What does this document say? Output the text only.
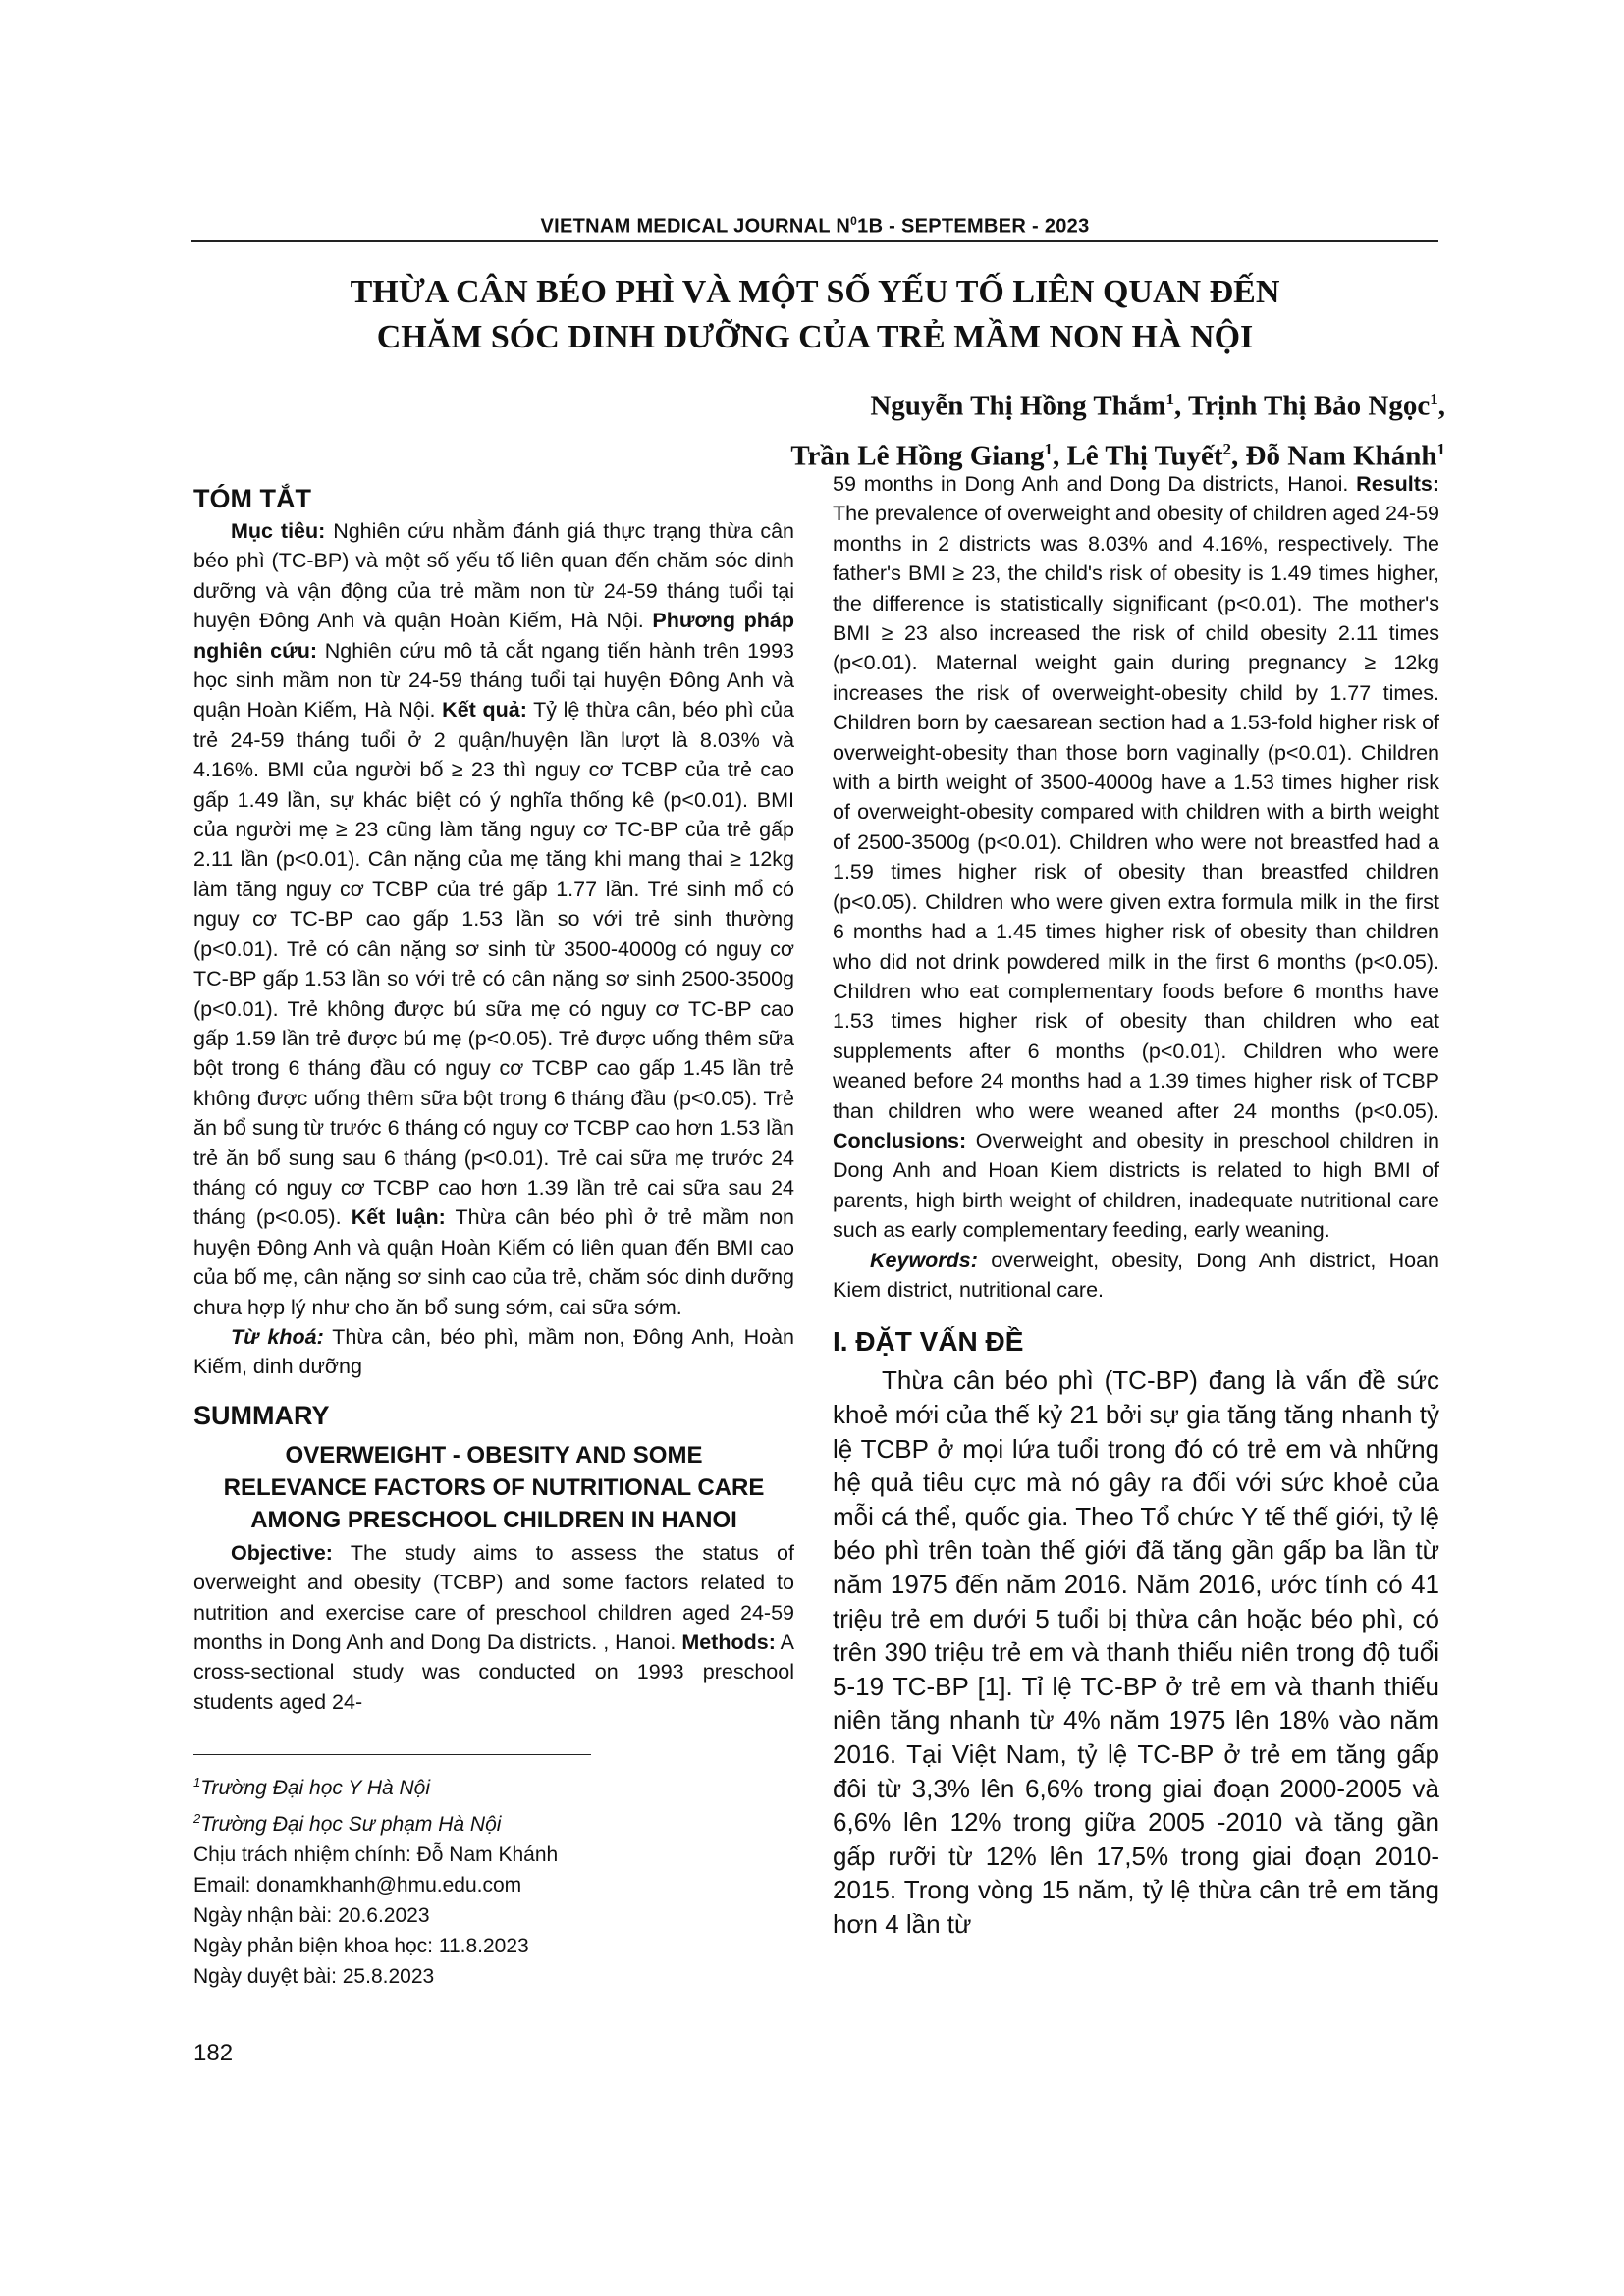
VIETNAM MEDICAL JOURNAL $N^01B$ - SEPTEMBER - 2023
THỪA CÂN BÉO PHÌ VÀ MỘT SỐ YẾU TỐ LIÊN QUAN ĐẾN
CHĂM SÓC DINH DƯỠNG CỦA TRẺ MẦM NON HÀ NỘI
Nguyễn Thị Hồng Thắm$^1$, Trịnh Thị Bảo Ngọc$^1$,
Trần Lê Hồng Giang$^1$, Lê Thị Tuyết$^2$, Đỗ Nam Khánh$^1$
TÓM TẮT

Mục tiêu: Nghiên cứu nhằm đánh giá thực trạng thừa cân béo phì (TC-BP) và một số yếu tố liên quan đến chăm sóc dinh dưỡng và vận động của trẻ mầm non từ 24-59 tháng tuổi tại huyện Đông Anh và quận Hoàn Kiếm, Hà Nội. Phương pháp nghiên cứu: Nghiên cứu mô tả cắt ngang tiến hành trên 1993 học sinh mầm non từ 24-59 tháng tuổi tại huyện Đông Anh và quận Hoàn Kiếm, Hà Nội. Kết quả: Tỷ lệ thừa cân, béo phì của trẻ 24-59 tháng tuổi ở 2 quận/huyện lần lượt là 8.03% và 4.16%. BMI của người bố ≥ 23 thì nguy cơ TCBP của trẻ cao gấp 1.49 lần, sự khác biệt có ý nghĩa thống kê (p<0.01). BMI của người mẹ ≥ 23 cũng làm tăng nguy cơ TC-BP của trẻ gấp 2.11 lần (p<0.01). Cân nặng của mẹ tăng khi mang thai ≥ 12kg làm tăng nguy cơ TCBP của trẻ gấp 1.77 lần. Trẻ sinh mổ có nguy cơ TC-BP cao gấp 1.53 lần so với trẻ sinh thường (p<0.01). Trẻ có cân nặng sơ sinh từ 3500-4000g có nguy cơ TC-BP gấp 1.53 lần so với trẻ có cân nặng sơ sinh 2500-3500g (p<0.01). Trẻ không được bú sữa mẹ có nguy cơ TC-BP cao gấp 1.59 lần trẻ được bú mẹ (p<0.05). Trẻ được uống thêm sữa bột trong 6 tháng đầu có nguy cơ TCBP cao gấp 1.45 lần trẻ không được uống thêm sữa bột trong 6 tháng đầu (p<0.05). Trẻ ăn bổ sung từ trước 6 tháng có nguy cơ TCBP cao hơn 1.53 lần trẻ ăn bổ sung sau 6 tháng (p<0.01). Trẻ cai sữa mẹ trước 24 tháng có nguy cơ TCBP cao hơn 1.39 lần trẻ cai sữa sau 24 tháng (p<0.05). Kết luận: Thừa cân béo phì ở trẻ mầm non huyện Đông Anh và quận Hoàn Kiếm có liên quan đến BMI cao của bố mẹ, cân nặng sơ sinh cao của trẻ, chăm sóc dinh dưỡng chưa hợp lý như cho ăn bổ sung sớm, cai sữa sớm.

Từ khoá: Thừa cân, béo phì, mầm non, Đông Anh, Hoàn Kiếm, dinh dưỡng

SUMMARY
OVERWEIGHT - OBESITY AND SOME
RELEVANCE FACTORS OF NUTRITIONAL CARE
AMONG PRESCHOOL CHILDREN IN HANOI

Objective: The study aims to assess the status of overweight and obesity (TCBP) and some factors related to nutrition and exercise care of preschool children aged 24-59 months in Dong Anh and Dong Da districts. , Hanoi. Methods: A cross-sectional study was conducted on 1993 preschool students aged 24-

$^1$Trường Đại học Y Hà Nội
$^2$Trường Đại học Sư phạm Hà Nội
Chịu trách nhiệm chính: Đỗ Nam Khánh
Email: donamkhanh@hmu.edu.com
Ngày nhận bài: 20.6.2023
Ngày phản biện khoa học: 11.8.2023
Ngày duyệt bài: 25.8.2023
182

59 months in Dong Anh and Dong Da districts, Hanoi. Results: The prevalence of overweight and obesity of children aged 24-59 months in 2 districts was 8.03% and 4.16%, respectively. The father's BMI ≥ 23, the child's risk of obesity is 1.49 times higher, the difference is statistically significant (p<0.01). The mother's BMI ≥ 23 also increased the risk of child obesity 2.11 times (p<0.01). Maternal weight gain during pregnancy ≥ 12kg increases the risk of overweight-obesity child by 1.77 times. Children born by caesarean section had a 1.53-fold higher risk of overweight-obesity than those born vaginally (p<0.01). Children with a birth weight of 3500-4000g have a 1.53 times higher risk of overweight-obesity compared with children with a birth weight of 2500-3500g (p<0.01). Children who were not breastfed had a 1.59 times higher risk of obesity than breastfed children (p<0.05). Children who were given extra formula milk in the first 6 months had a 1.45 times higher risk of obesity than children who did not drink powdered milk in the first 6 months (p<0.05). Children who eat complementary foods before 6 months have 1.53 times higher risk of obesity than children who eat supplements after 6 months (p<0.01). Children who were weaned before 24 months had a 1.39 times higher risk of TCBP than children who were weaned after 24 months (p<0.05). Conclusions: Overweight and obesity in preschool children in Dong Anh and Hoan Kiem districts is related to high BMI of parents, high birth weight of children, inadequate nutritional care such as early complementary feeding, early weaning.

Keywords: overweight, obesity, Dong Anh district, Hoan Kiem district, nutritional care.

I. ĐẶT VẤN ĐỀ

Thừa cân béo phì (TC-BP) đang là vấn đề sức khoẻ mới của thế kỷ 21 bởi sự gia tăng tăng nhanh tỷ lệ TCBP ở mọi lứa tuổi trong đó có trẻ em và những hệ quả tiêu cực mà nó gây ra đối với sức khoẻ của mỗi cá thể, quốc gia. Theo Tổ chức Y tế thế giới, tỷ lệ béo phì trên toàn thế giới đã tăng gần gấp ba lần từ năm 1975 đến năm 2016. Năm 2016, ước tính có 41 triệu trẻ em dưới 5 tuổi bị thừa cân hoặc béo phì, có trên 390 triệu trẻ em và thanh thiếu niên trong độ tuổi 5-19 TC-BP [1]. Tỉ lệ TC-BP ở trẻ em và thanh thiếu niên tăng nhanh từ 4% năm 1975 lên 18% vào năm 2016. Tại Việt Nam, tỷ lệ TC-BP ở trẻ em tăng gấp đôi từ 3,3% lên 6,6% trong giai đoạn 2000-2005 và 6,6% lên 12% trong giữa 2005 -2010 và tăng gần gấp rưỡi từ 12% lên 17,5% trong giai đoạn 2010-2015. Trong vòng 15 năm, tỷ lệ thừa cân trẻ em tăng hơn 4 lần từ
